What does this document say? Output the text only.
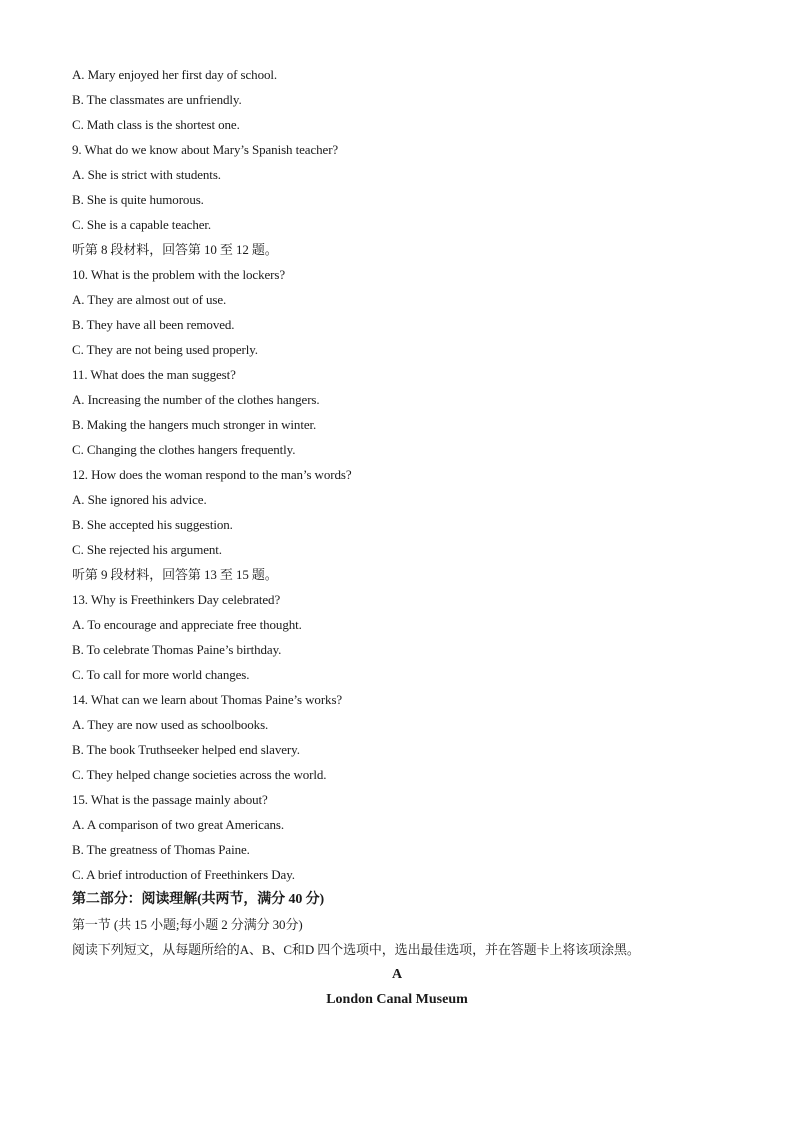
A. Mary enjoyed her first day of school.
B. The classmates are unfriendly.
C. Math class is the shortest one.
9. What do we know about Mary’s Spanish teacher?
A. She is strict with students.
B. She is quite humorous.
C. She is a capable teacher.
听第 8 段材料，回答第 10 至 12 题。
10. What is the problem with the lockers?
A. They are almost out of use.
B. They have all been removed.
C. They are not being used properly.
11. What does the man suggest?
A. Increasing the number of the clothes hangers.
B. Making the hangers much stronger in winter.
C. Changing the clothes hangers frequently.
12. How does the woman respond to the man’s words?
A. She ignored his advice.
B. She accepted his suggestion.
C. She rejected his argument.
听第 9 段材料，回答第 13 至 15 题。
13. Why is Freethinkers Day celebrated?
A. To encourage and appreciate free thought.
B. To celebrate Thomas Paine’s birthday.
C. To call for more world changes.
14. What can we learn about Thomas Paine’s works?
A. They are now used as schoolbooks.
B. The book Truthseeker helped end slavery.
C. They helped change societies across the world.
15. What is the passage mainly about?
A. A comparison of two great Americans.
B. The greatness of Thomas Paine.
C. A brief introduction of Freethinkers Day.
第二部分：阅读理解(共两节，满分 40 分)
第一节 (共 15 小题;每小题 2 分满分 30分)
阅读下列短文，从每题所给的A、B、C和D 四个选项中，选出最佳选项，并在答题卡上将该项涂黑。
A
London Canal Museum
